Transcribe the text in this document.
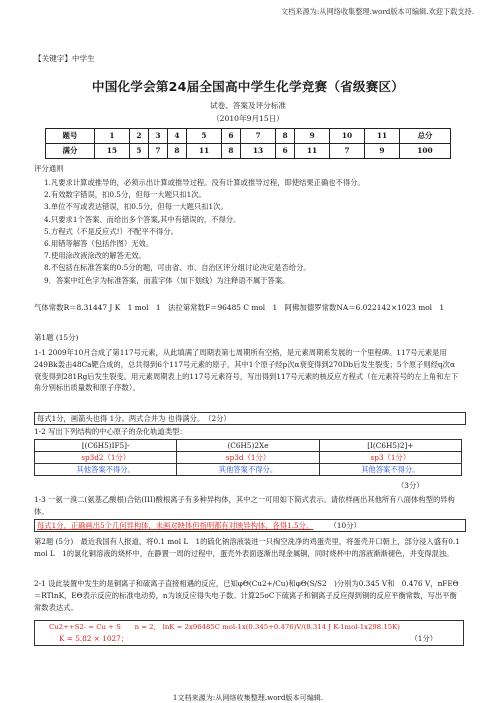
文档来源为:从网络收集整理.word版本可编辑.欢迎下载支持.
【关键字】中学生
中国化学会第24届全国高中学生化学竞赛（省级赛区）
试卷、答案及评分标准
（2010年9月15日）
题号	1	2	3	4	5	6	7	8	9	10	11	总分
满分	15	5	7	8	11	8	13	6	11	7	9	100
评分通则
1.凡要求计算或推导的，必须示出计算或推导过程。没有计算或推导过程，即使结果正确也不得分。
2.有效数字错误，扣0.5分，但每一大题只扣1次。
3.单位不写或表达错误，扣0.5分，但每一大题只扣1次。
4.只要求1个答案、而给出多个答案,其中有错误的，不得分。
5.方程式（不是反应式!）不配平不得分。
6.用错等解答（包括作图）无效。
7.使用涂改液涂改的解答无效。
8.不包括在标准答案的0.5分的题，可由省、市、自治区评分组讨论决定是否给分。
9．答案中红色字为标准答案，而蓝字体（加下划线）为注释语不属于答案。
气体常数R＝8.31447 J K　1 mol　1　法拉第常数F＝96485 C mol　1　阿佛加德罗常数NA＝6.022142×1023 mol　1
第1题 (15分)
1-1 2009年10月合成了第117号元素，从此填满了周期表第七周期所有空格，是元素周期系发展的一个里程碑。117号元素是用249Bk轰击48Ca靶合成的，总共得到6个117号元素的原子，其中1个原子经p次α衰变得到270Db后发生裂变；5个原子则经q次α衰变得到281Rg后发生裂变。用元素周期表上的117号元素符号，写出得到117号元素的核反应方程式（在元素符号的左上角和左下角分别标出质量数和原子序数）。
每式1分，画箭头也得 1分。两式合并为 也得满分。　（2分）
1-2 写出下列结构的中心原子的杂化轨道类型：
[(C6H5)IF5]-	(C6H5)2Xe	[I(C6H5)2]+
sp3d2（1分）	sp3d（1分）	sp3（1分）
其他答案不得分。	其他答案不得分。	其他答案不得分。
（3分）
1-3 一氨一溴二(氨基乙酸根)合钴(III)酸根离子有多种异构体，其中之一可用如下简式表示。请依样画出其他所有八面体构型的异构体。
每式1分，正确画出5个几何异构体，未画对映体但指明都有对映异构体，各得1.5分。 （10分）
第2题 (5分)　最近我国有人报道，将0.1 mol L　1的硫化钠溶液装进一只掏空洗净的鸡蛋壳里，将蛋壳开口朝上，部分浸入盛有0.1 mol L　1的氯化铜溶液的烧杯中，在静置一周的过程中，蛋壳外表面逐渐出现金属铜，同时烧杯中的溶液渐渐褪色，并变得混浊。
2-1 设此装置中发生的是铜离子和硫离子直接相遇的反应，已知φΘ(Cu2+/Cu)和φΘ(S/S2　)分别为0.345 V和　0.476 V，nFEΘ　＝RTlnK，EΘ表示反应的标准电动势，n为该反应得失电子数。计算25oC下硫离子和铜离子反应得到铜的反应平衡常数，写出平衡常数表达式。
Cu2++S2- = Cu + S　　n = 2,　lnK = 2x96485C mol-1x(0.345+0.476)V/(8.314 J K-1mol-1x298.15K)
K = 5.82 × 1027；	（1分）
1文档来源为:从网络收集整理.word版本可编辑.
